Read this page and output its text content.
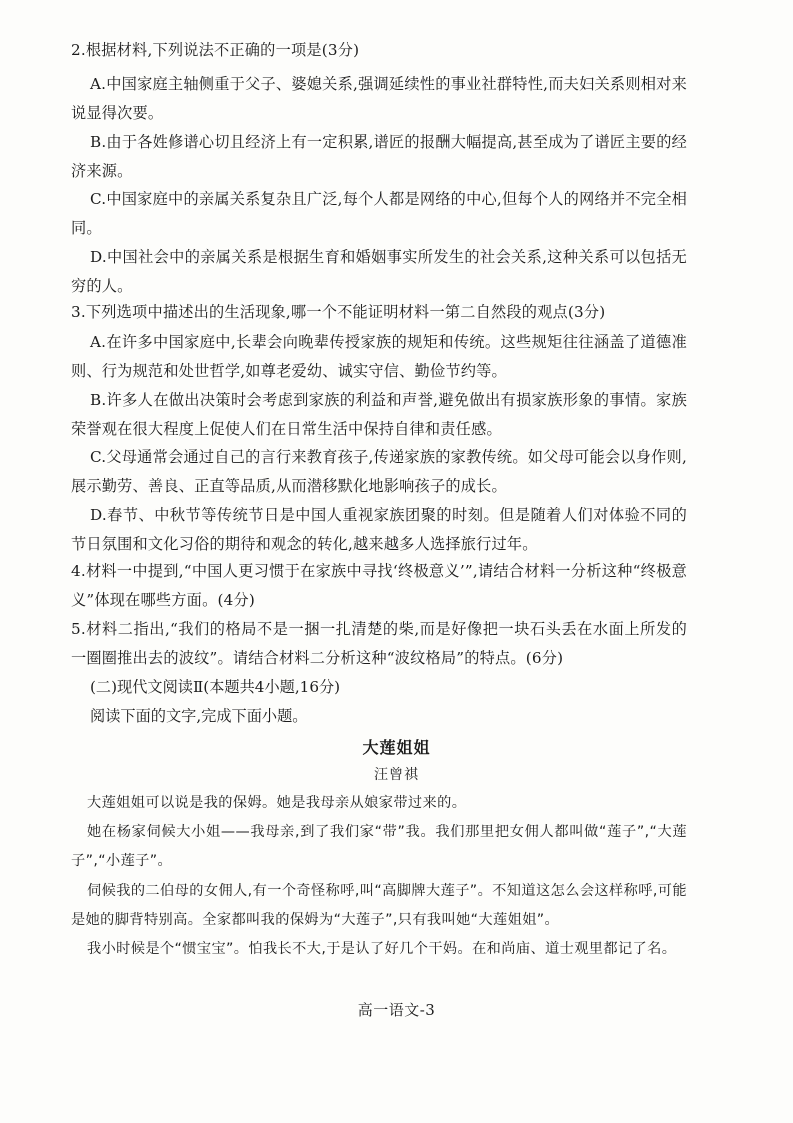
2.根据材料,下列说法不正确的一项是(3分)
A.中国家庭主轴侧重于父子、婆媳关系,强调延续性的事业社群特性,而夫妇关系则相对来说显得次要。
B.由于各姓修谱心切且经济上有一定积累,谱匠的报酬大幅提高,甚至成为了谱匠主要的经济来源。
C.中国家庭中的亲属关系复杂且广泛,每个人都是网络的中心,但每个人的网络并不完全相同。
D.中国社会中的亲属关系是根据生育和婚姻事实所发生的社会关系,这种关系可以包括无穷的人。
3.下列选项中描述出的生活现象,哪一个不能证明材料一第二自然段的观点(3分)
A.在许多中国家庭中,长辈会向晚辈传授家族的规矩和传统。这些规矩往往涵盖了道德准则、行为规范和处世哲学,如尊老爱幼、诚实守信、勤俭节约等。
B.许多人在做出决策时会考虑到家族的利益和声誉,避免做出有损家族形象的事情。家族荣誉观在很大程度上促使人们在日常生活中保持自律和责任感。
C.父母通常会通过自己的言行来教育孩子,传递家族的家教传统。如父母可能会以身作则,展示勤劳、善良、正直等品质,从而潜移默化地影响孩子的成长。
D.春节、中秋节等传统节日是中国人重视家族团聚的时刻。但是随着人们对体验不同的节日氛围和文化习俗的期待和观念的转化,越来越多人选择旅行过年。
4.材料一中提到,“中国人更习惯于在家族中寻找‘终极意义’”,请结合材料一分析这种“终极意义”体现在哪些方面。(4分)
5.材料二指出,“我们的格局不是一捆一扎清楚的柴,而是好像把一块石头丢在水面上所发的一圈圈推出去的波纹”。请结合材料二分析这种“波纹格局”的特点。(6分)
(二)现代文阅读Ⅱ(本题共4小题,16分)
阅读下面的文字,完成下面小题。
大莲姐姐
汪曾祺
大莲姐姐可以说是我的保姆。她是我母亲从娘家带过来的。
她在杨家伺候大小姐——我母亲,到了我们家“带”我。我们那里把女佣人都叫做“莲子”,“大莲子”,“小莲子”。
伺候我的二伯母的女佣人,有一个奇怪称呼,叫“高脚牌大莲子”。不知道这怎么会这样称呼,可能是她的脚背特别高。全家都叫我的保姆为“大莲子”,只有我叫她“大莲姐姐”。
我小时候是个“惯宝宝”。怕我长不大,于是认了好几个干妈。在和尚庙、道士观里都记了名。
高一语文-3
